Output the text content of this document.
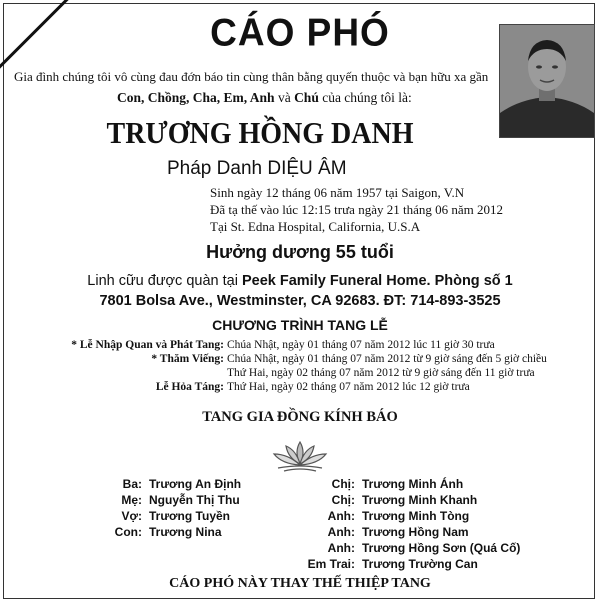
CÁO PHÓ
Gia đình chúng tôi vô cùng đau đớn báo tin cùng thân bằng quyến thuộc và bạn hữu xa gần
Con, Chồng, Cha, Em, Anh và Chú của chúng tôi là:
TRƯƠNG HỒNG DANH
Pháp Danh DIỆU ÂM
Sinh ngày 12 tháng 06 năm 1957 tại Saigon, V.N
Đã tạ thế vào lúc 12:15 trưa ngày 21 tháng 06 năm 2012
Tại St. Edna Hospital, California, U.S.A
Hưởng dương 55 tuổi
Linh cữu được quàn tại Peek Family Funeral Home. Phòng số 1
7801 Bolsa Ave., Westminster, CA 92683. ĐT: 714-893-3525
CHƯƠNG TRÌNH TANG LỄ
* Lễ Nhập Quan và Phát Tang: Chúa Nhật, ngày 01 tháng 07 năm 2012 lúc 11 giờ 30 trưa
* Thăm Viếng: Chúa Nhật, ngày 01 tháng 07 năm 2012 từ 9 giờ sáng đến 5 giờ chiều
Thứ Hai, ngày 02 tháng 07 năm 2012 từ 9 giờ sáng đến 11 giờ trưa
Lễ Hỏa Táng: Thứ Hai, ngày 02 tháng 07 năm 2012 lúc 12 giờ trưa
TANG GIA ĐỒNG KÍNH BÁO
Ba: Trương An Định
Mẹ: Nguyễn Thị Thu
Vợ: Trương Tuyền
Con: Trương Nina
Chị: Trương Minh Ánh
Chị: Trương Minh Khanh
Anh: Trương Minh Tòng
Anh: Trương Hồng Nam
Anh: Trương Hồng Sơn (Quá Cố)
Em Trai: Trương Trường Can
CÁO PHÓ NÀY THAY THẾ THIỆP TANG
